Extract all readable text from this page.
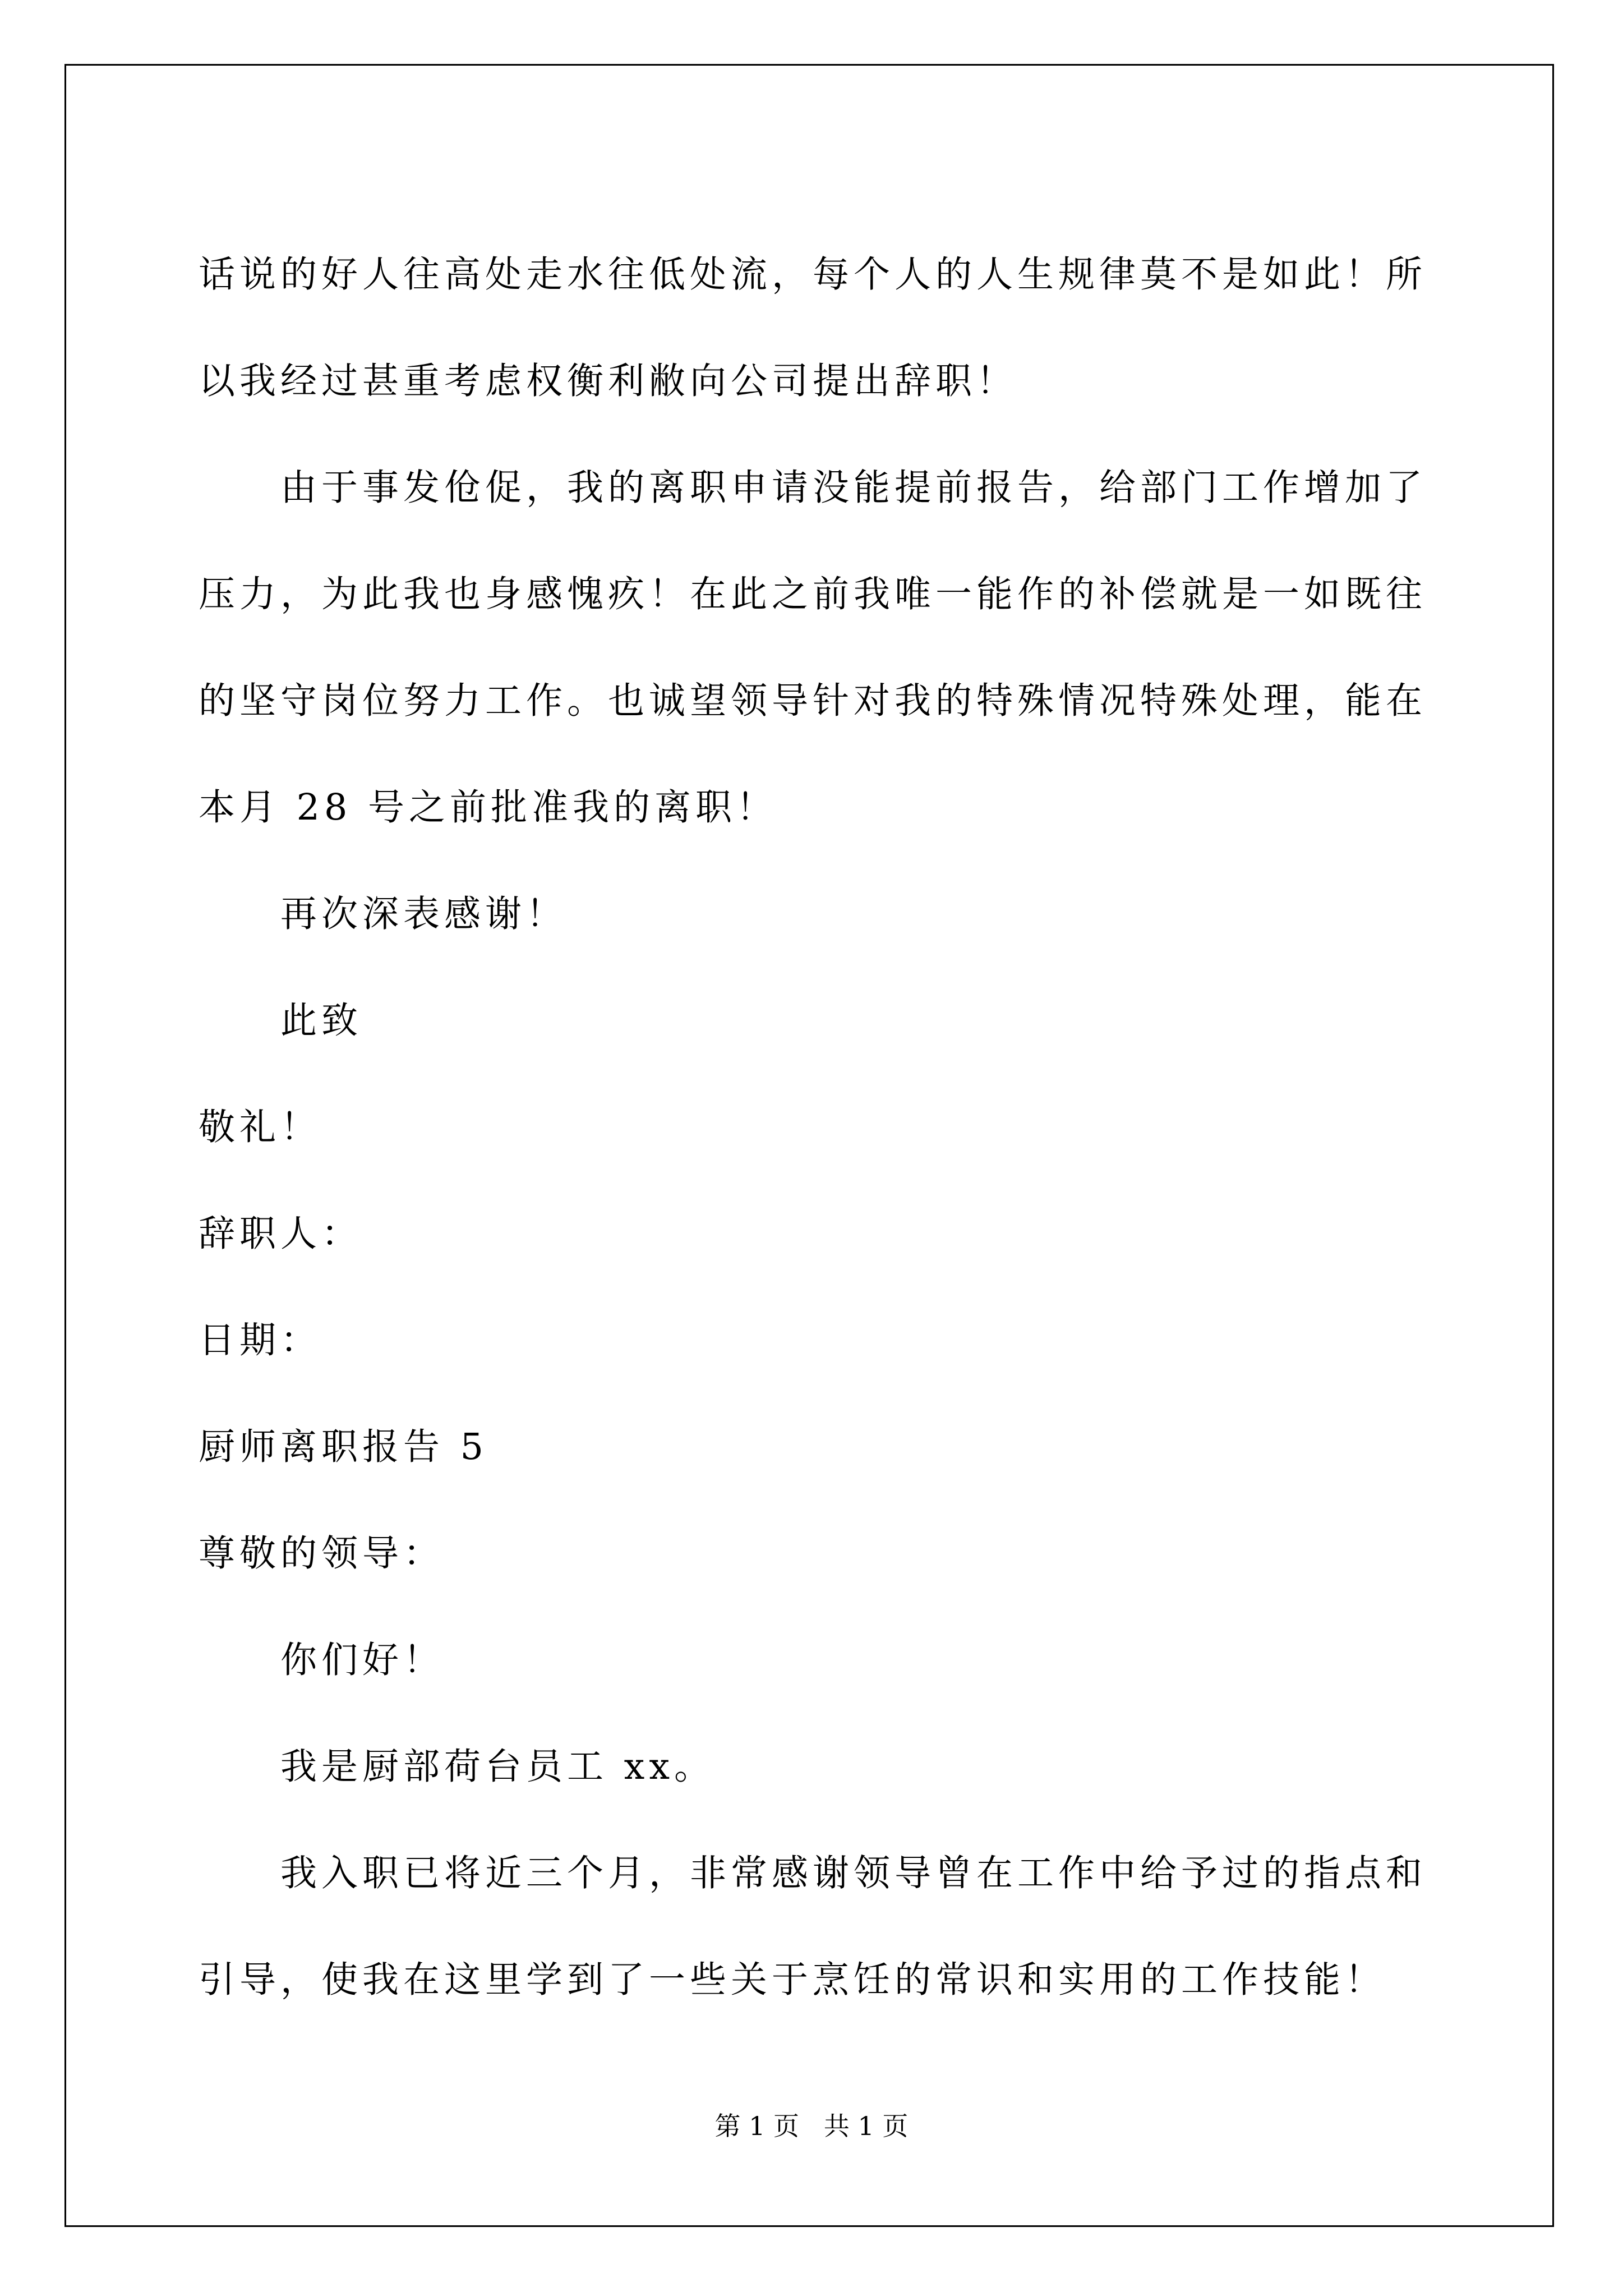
话说的好人往高处走水往低处流，每个人的人生规律莫不是如此！所
以我经过甚重考虑权衡利敝向公司提出辞职！
由于事发伧促，我的离职申请没能提前报告，给部门工作增加了
压力，为此我也身感愧疚！在此之前我唯一能作的补偿就是一如既往
的坚守岗位努力工作。也诚望领导针对我的特殊情况特殊处理，能在
本月 28 号之前批准我的离职！
再次深表感谢！
此致
敬礼！
辞职人：
日期：
厨师离职报告 5
尊敬的领导：
你们好！
我是厨部荷台员工 xx。
我入职已将近三个月，非常感谢领导曾在工作中给予过的指点和
引导，使我在这里学到了一些关于烹饪的常识和实用的工作技能！
第 1 页   共 1 页
